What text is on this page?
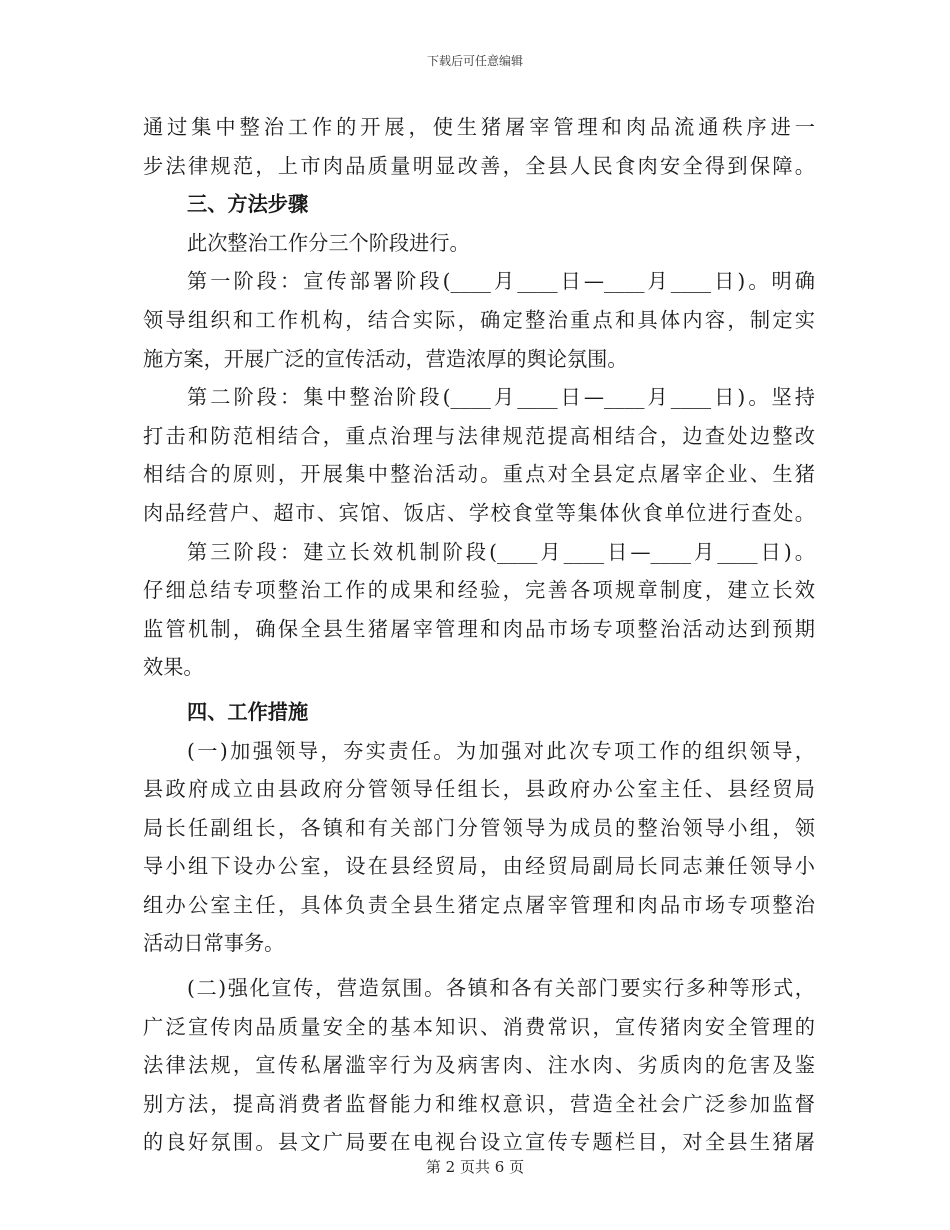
下载后可任意编辑
通过集中整治工作的开展，使生猪屠宰管理和肉品流通秩序进一
步法律规范，上市肉品质量明显改善，全县人民食肉安全得到保障。
三、方法步骤
此次整治工作分三个阶段进行。
第一阶段：宣传部署阶段(____月____日—____月____日)。明确
领导组织和工作机构，结合实际，确定整治重点和具体内容，制定实
施方案，开展广泛的宣传活动，营造浓厚的舆论氛围。
第二阶段：集中整治阶段(____月____日—____月____日)。坚持
打击和防范相结合，重点治理与法律规范提高相结合，边查处边整改
相结合的原则，开展集中整治活动。重点对全县定点屠宰企业、生猪
肉品经营户、超市、宾馆、饭店、学校食堂等集体伙食单位进行查处。
第三阶段：建立长效机制阶段(____月____日—____月____日)。
仔细总结专项整治工作的成果和经验，完善各项规章制度，建立长效
监管机制，确保全县生猪屠宰管理和肉品市场专项整治活动达到预期
效果。
四、工作措施
(一)加强领导，夯实责任。为加强对此次专项工作的组织领导，
县政府成立由县政府分管领导任组长，县政府办公室主任、县经贸局
局长任副组长，各镇和有关部门分管领导为成员的整治领导小组，领
导小组下设办公室，设在县经贸局，由经贸局副局长同志兼任领导小
组办公室主任，具体负责全县生猪定点屠宰管理和肉品市场专项整治
活动日常事务。
(二)强化宣传，营造氛围。各镇和各有关部门要实行多种等形式，
广泛宣传肉品质量安全的基本知识、消费常识，宣传猪肉安全管理的
法律法规，宣传私屠滥宰行为及病害肉、注水肉、劣质肉的危害及鉴
别方法，提高消费者监督能力和维权意识，营造全社会广泛参加监督
的良好氛围。县文广局要在电视台设立宣传专题栏目，对全县生猪屠
第 2 页共 6 页
